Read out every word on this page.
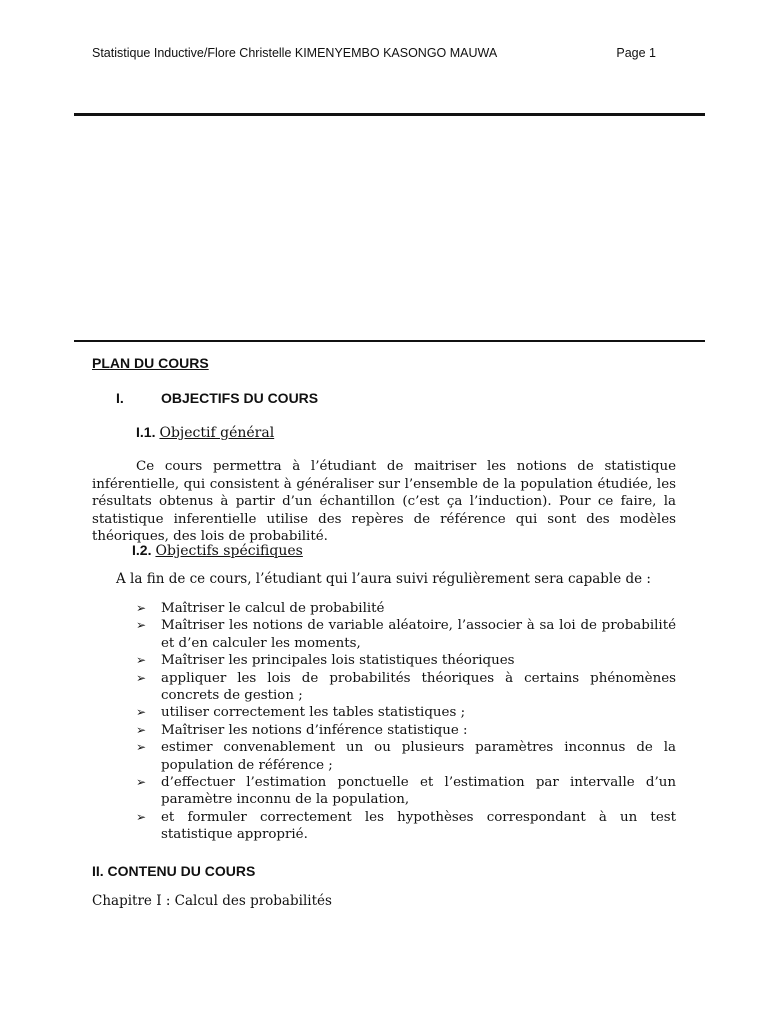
Statistique Inductive/Flore Christelle KIMENYEMBO KASONGO MAUWA	Page 1
PLAN DU COURS
I.	OBJECTIFS DU COURS
I.1. Objectif général

Ce cours permettra à l’étudiant de maitriser les notions de statistique inférentielle, qui consistent à généraliser sur l’ensemble de la population étudiée, les résultats obtenus à partir d’un échantillon (c’est ça l’induction). Pour ce faire, la statistique inferentielle utilise des repères de référence qui sont des modèles théoriques, des lois de probabilité.

I.2. Objectifs spécifiques
A la fin de ce cours, l’étudiant qui l’aura suivi régulièrement sera capable de :
➢ Maîtriser le calcul de probabilité
➢ Maîtriser les notions de variable aléatoire, l’associer à sa loi de probabilité et d’en calculer les moments,
➢ Maîtriser les principales lois statistiques théoriques
➢ appliquer les lois de probabilités théoriques à certains phénomènes concrets de gestion ;
➢ utiliser correctement les tables statistiques ;
➢ Maîtriser les notions d’inférence statistique :
➢ estimer convenablement un ou plusieurs paramètres inconnus de la population de référence ;
➢ d’effectuer l’estimation ponctuelle et l’estimation par intervalle d’un paramètre inconnu de la population,
➢ et formuler correctement les hypothèses correspondant à un test statistique approprié.
II. CONTENU DU COURS
Chapitre I : Calcul des probabilités
